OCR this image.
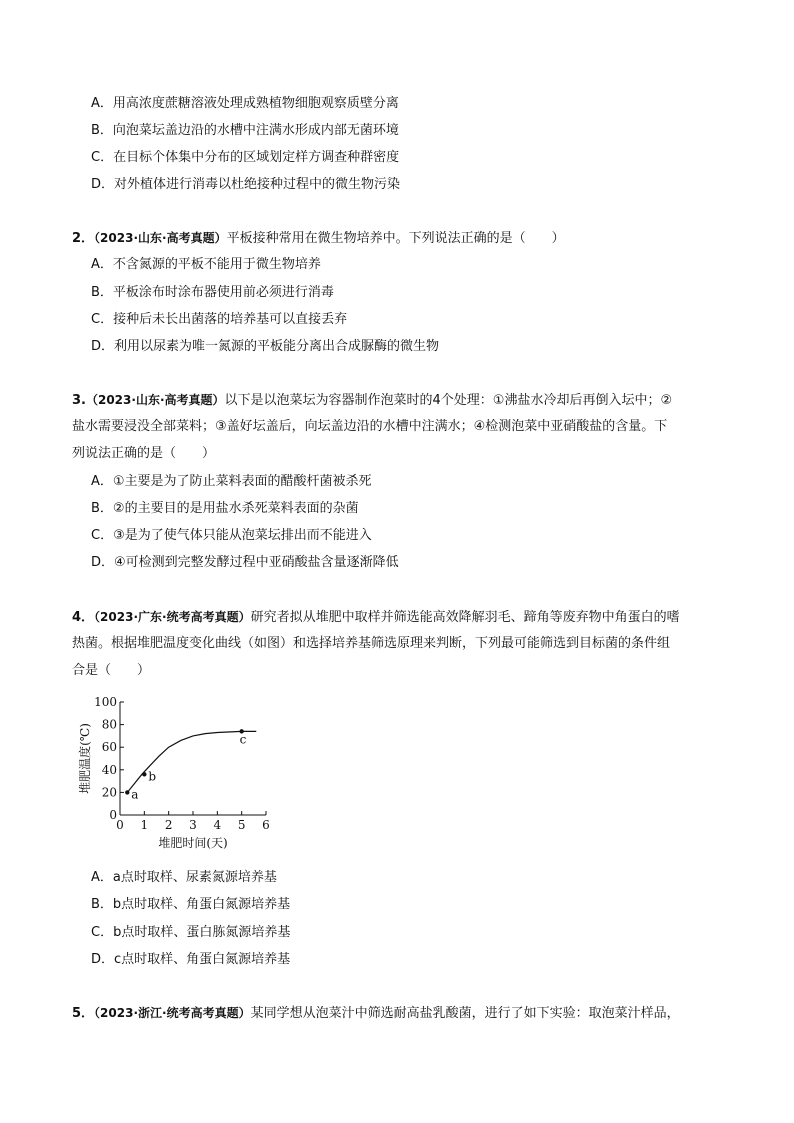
A．用高浓度蔗糖溶液处理成熟植物细胞观察质壁分离
B．向泡菜坛盖边沿的水槽中注满水形成内部无菌环境
C．在目标个体集中分布的区域划定样方调查种群密度
D．对外植体进行消毒以杜绝接种过程中的微生物污染
2．（2023·山东·高考真题）平板接种常用在微生物培养中。下列说法正确的是（　　）
A．不含氮源的平板不能用于微生物培养
B．平板涂布时涂布器使用前必须进行消毒
C．接种后未长出菌落的培养基可以直接丢弃
D．利用以尿素为唯一氮源的平板能分离出合成脲酶的微生物
3.（2023·山东·高考真题）以下是以泡菜坛为容器制作泡菜时的4个处理：①沸盐水冷却后再倒入坛中；②
盐水需要浸没全部菜料；③盖好坛盖后，向坛盖边沿的水槽中注满水；④检测泡菜中亚硝酸盐的含量。下
列说法正确的是（　　）
A．①主要是为了防止菜料表面的醋酸杆菌被杀死
B．②的主要目的是用盐水杀死菜料表面的杂菌
C．③是为了使气体只能从泡菜坛排出而不能进入
D．④可检测到完整发酵过程中亚硝酸盐含量逐渐降低
4．（2023·广东·统考高考真题）研究者拟从堆肥中取样并筛选能高效降解羽毛、蹄角等废弃物中角蛋白的嗜
热菌。根据堆肥温度变化曲线（如图）和选择培养基筛选原理来判断，下列最可能筛选到目标菌的条件组
合是（　　）
0
20
40
60
80
100
0 1 2 3 4 5 6
堆肥时间(天)
堆肥温度(℃)
a
b
c
A．a点时取样、尿素氮源培养基
B．b点时取样、角蛋白氮源培养基
C．b点时取样、蛋白胨氮源培养基
D．c点时取样、角蛋白氮源培养基
5．（2023·浙江·统考高考真题）某同学想从泡菜汁中筛选耐高盐乳酸菌，进行了如下实验：取泡菜汁样品，
